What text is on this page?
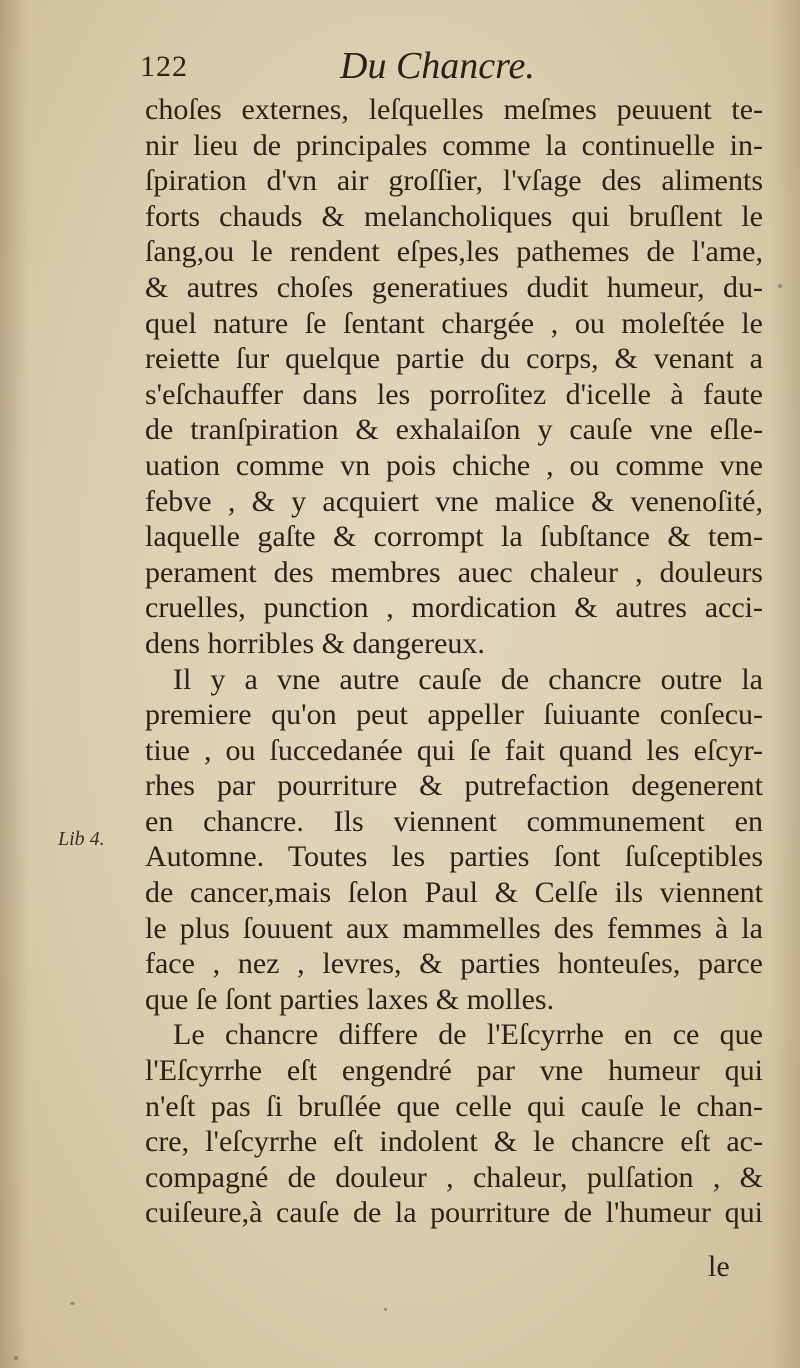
122	Du Chancre.
Lib 4.
choſes externes, leſquelles meſmes peuuent te-
nir lieu de principales comme la continuelle in-
ſpiration d'vn air groſſier, l'vſage des aliments
forts chauds & melancholiques qui bruſlent le
ſang,ou le rendent eſpes,les pathemes de l'ame,
& autres choſes generatiues dudit humeur, du-
quel nature ſe ſentant chargée , ou moleſtée le
reiette ſur quelque partie du corps, & venant a
s'eſchauffer dans les porroſitez d'icelle à faute
de tranſpiration & exhalaiſon y cauſe vne eſle-
uation comme vn pois chiche , ou comme vne
febve , & y acquiert vne malice & venenoſité,
laquelle gaſte & corrompt la ſubſtance & tem-
perament des membres auec chaleur , douleurs
cruelles, punction , mordication & autres acci-
dens horribles & dangereux.
Il y a vne autre cauſe de chancre outre la
premiere qu'on peut appeller ſuiuante conſecu-
tiue , ou ſuccedanée qui ſe fait quand les eſcyr-
rhes par pourriture & putrefaction degenerent
en chancre. Ils viennent communement en
Automne. Toutes les parties ſont ſuſceptibles
de cancer,mais ſelon Paul & Celſe ils viennent
le plus ſouuent aux mammelles des femmes à la
face , nez , levres, & parties honteuſes, parce
que ſe ſont parties laxes & molles.
Le chancre differe de l'Eſcyrrhe en ce que
l'Eſcyrrhe eſt engendré par vne humeur qui
n'eſt pas ſi bruſlée que celle qui cauſe le chan-
cre, l'eſcyrrhe eſt indolent & le chancre eſt ac-
compagné de douleur , chaleur, pulſation , &
cuiſeure,à cauſe de la pourriture de l'humeur qui
le
